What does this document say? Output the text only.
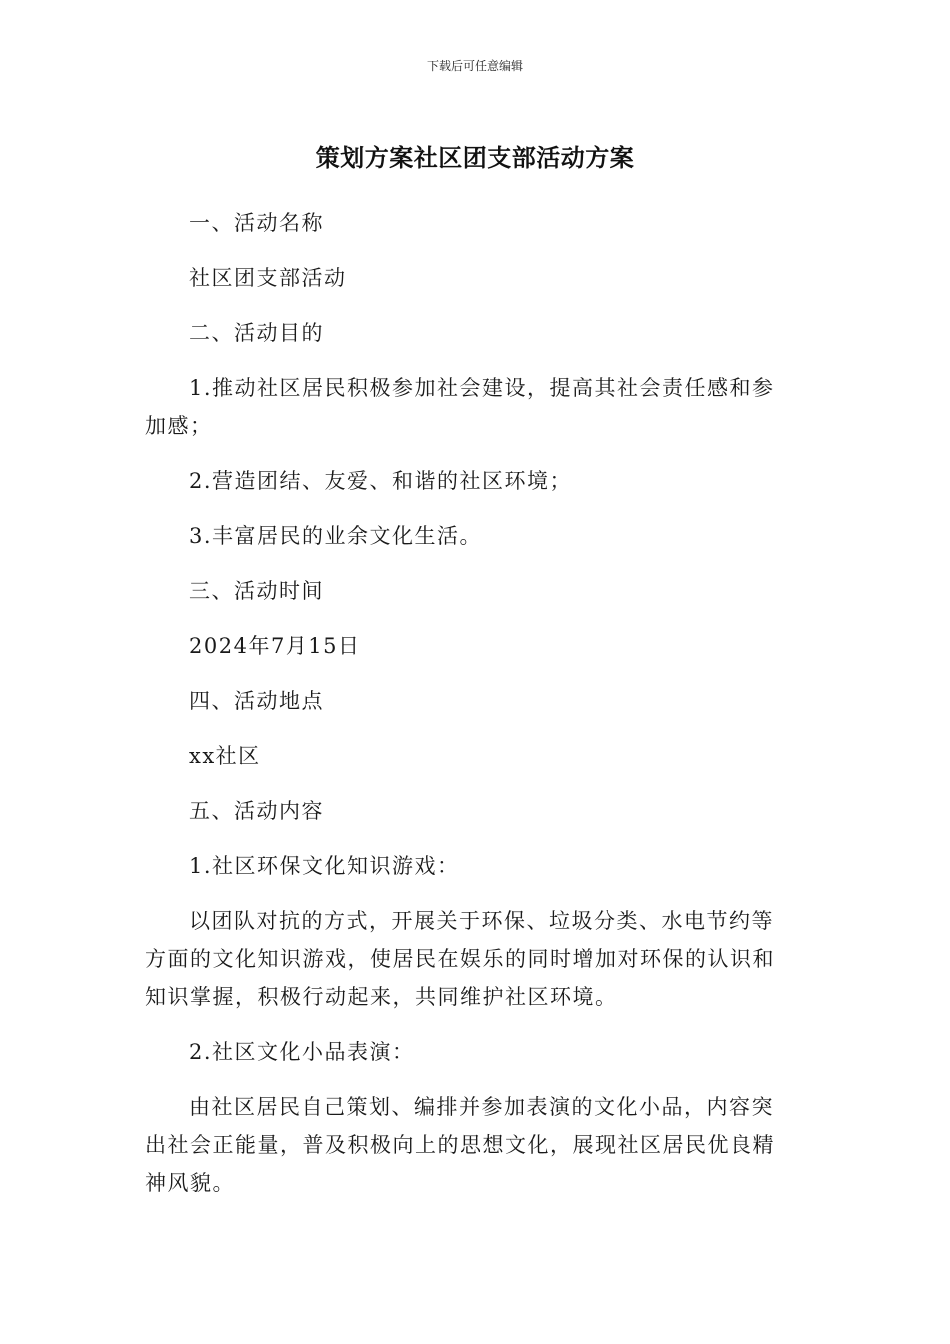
下载后可任意编辑
策划方案社区团支部活动方案

一、活动名称

社区团支部活动

二、活动目的

1.推动社区居民积极参加社会建设，提高其社会责任感和参加感；

2.营造团结、友爱、和谐的社区环境；

3.丰富居民的业余文化生活。

三、活动时间

2024年7月15日

四、活动地点

xx社区

五、活动内容

1.社区环保文化知识游戏：

以团队对抗的方式，开展关于环保、垃圾分类、水电节约等方面的文化知识游戏，使居民在娱乐的同时增加对环保的认识和知识掌握，积极行动起来，共同维护社区环境。

2.社区文化小品表演：

由社区居民自己策划、编排并参加表演的文化小品，内容突出社会正能量，普及积极向上的思想文化，展现社区居民优良精神风貌。
